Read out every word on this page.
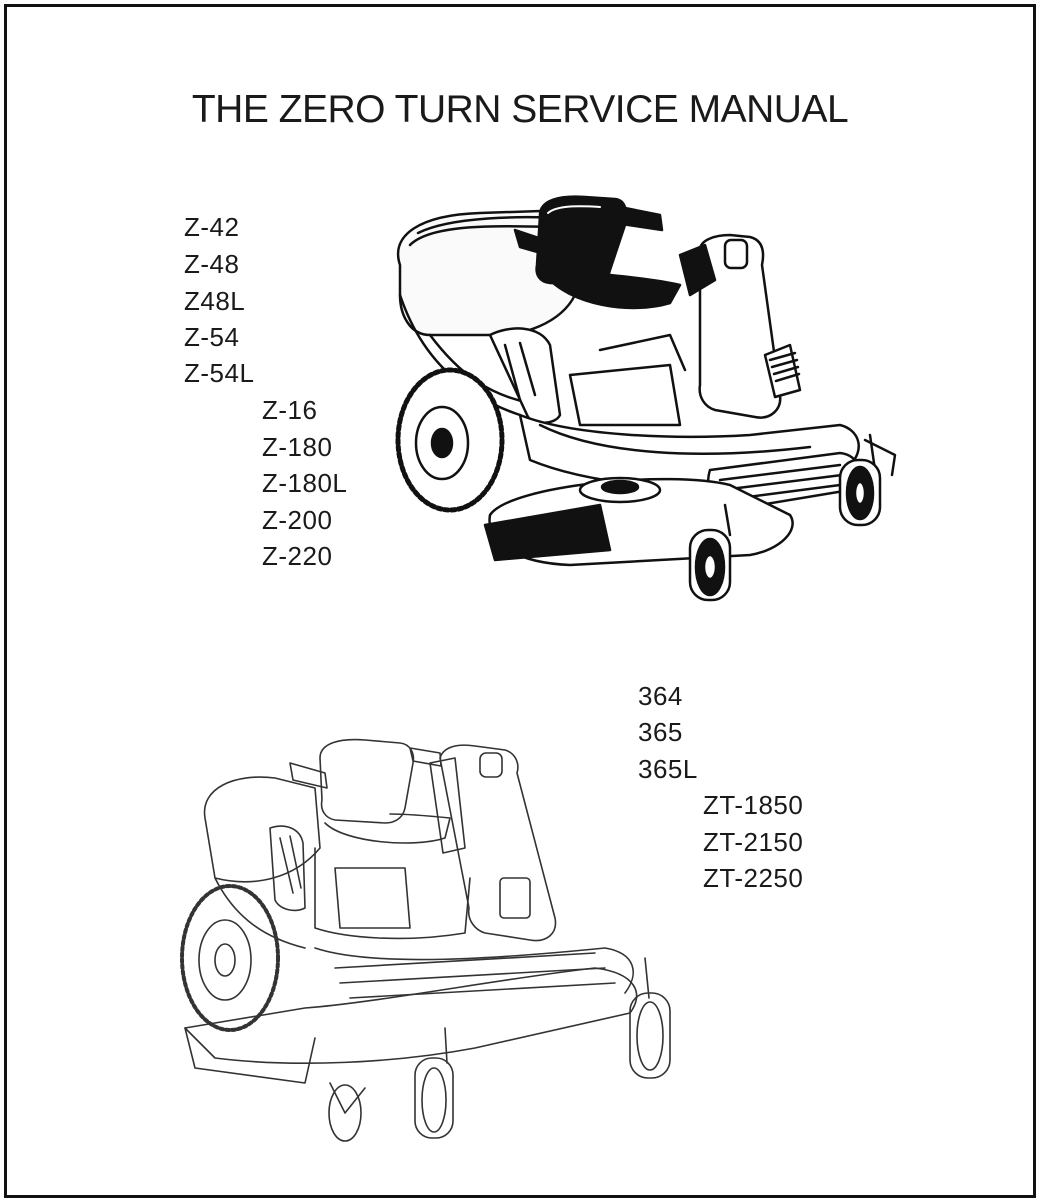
THE ZERO TURN SERVICE MANUAL
Z-42
Z-48
Z48L
Z-54
Z-54L
Z-16
Z-180
Z-180L
Z-200
Z-220
364
365
365L
ZT-1850
ZT-2150
ZT-2250
